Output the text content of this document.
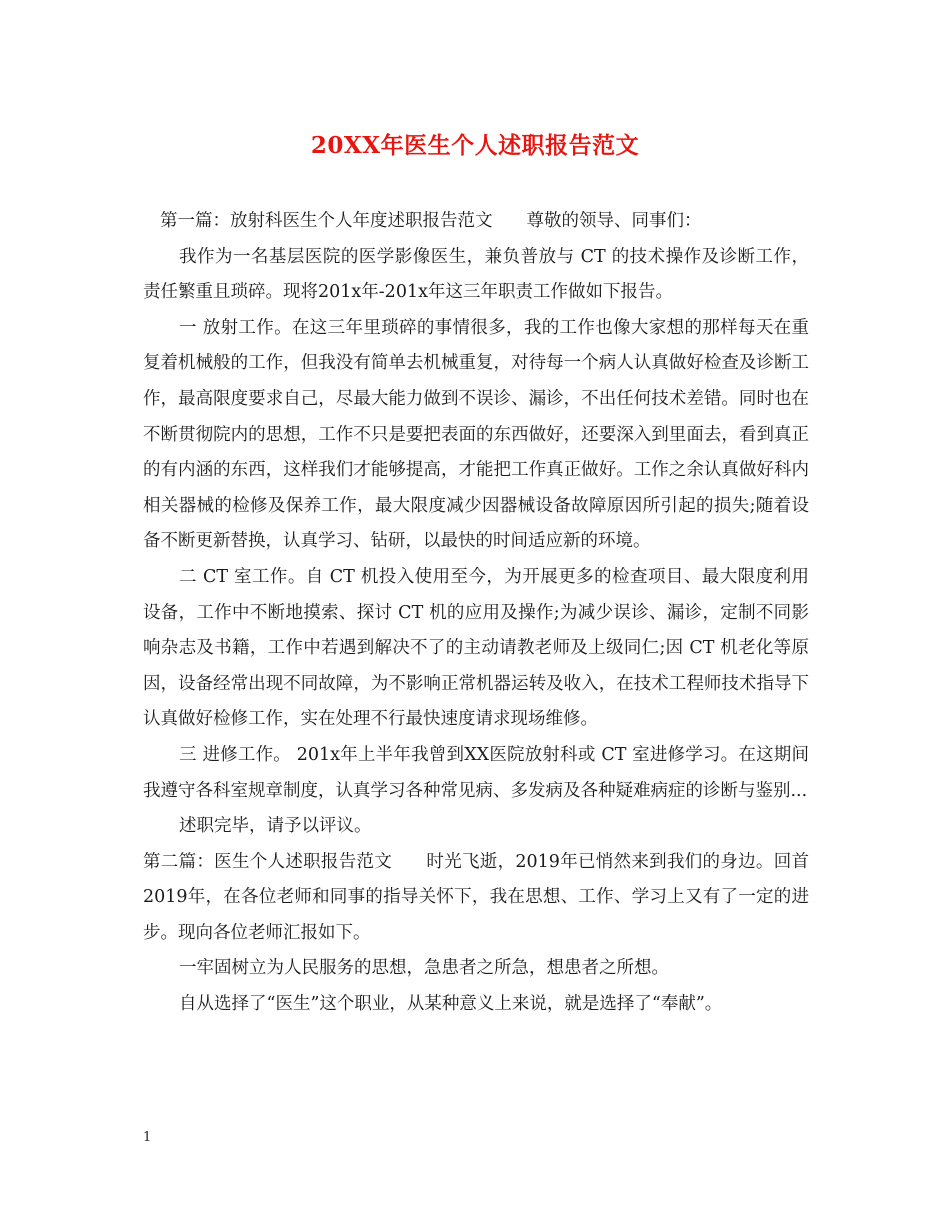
20XX年医生个人述职报告范文

第一篇：放射科医生个人年度述职报告范文 尊敬的领导、同事们：

我作为一名基层医院的医学影像医生，兼负普放与 CT 的技术操作及诊断工作，责任繁重且琐碎。现将201x年-201x年这三年职责工作做如下报告。

一 放射工作。在这三年里琐碎的事情很多，我的工作也像大家想的那样每天在重复着机械般的工作，但我没有简单去机械重复，对待每一个病人认真做好检查及诊断工作，最高限度要求自己，尽最大能力做到不误诊、漏诊，不出任何技术差错。同时也在不断贯彻院内的思想，工作不只是要把表面的东西做好，还要深入到里面去，看到真正的有内涵的东西，这样我们才能够提高，才能把工作真正做好。工作之余认真做好科内相关器械的检修及保养工作，最大限度减少因器械设备故障原因所引起的损失;随着设备不断更新替换，认真学习、钻研，以最快的时间适应新的环境。

二 CT 室工作。自 CT 机投入使用至今，为开展更多的检查项目、最大限度利用设备，工作中不断地摸索、探讨 CT 机的应用及操作;为减少误诊、漏诊，定制不同影响杂志及书籍，工作中若遇到解决不了的主动请教老师及上级同仁;因 CT 机老化等原因，设备经常出现不同故障，为不影响正常机器运转及收入，在技术工程师技术指导下认真做好检修工作，实在处理不行最快速度请求现场维修。

三 进修工作。 201x年上半年我曾到XX医院放射科或 CT 室进修学习。在这期间我遵守各科室规章制度，认真学习各种常见病、多发病及各种疑难病症的诊断与鉴别...

述职完毕，请予以评议。

第二篇：医生个人述职报告范文 时光飞逝，2019年已悄然来到我们的身边。回首2019年，在各位老师和同事的指导关怀下，我在思想、工作、学习上又有了一定的进步。现向各位老师汇报如下。

一牢固树立为人民服务的思想，急患者之所急，想患者之所想。

自从选择了“医生”这个职业，从某种意义上来说，就是选择了“奉献”。

1
